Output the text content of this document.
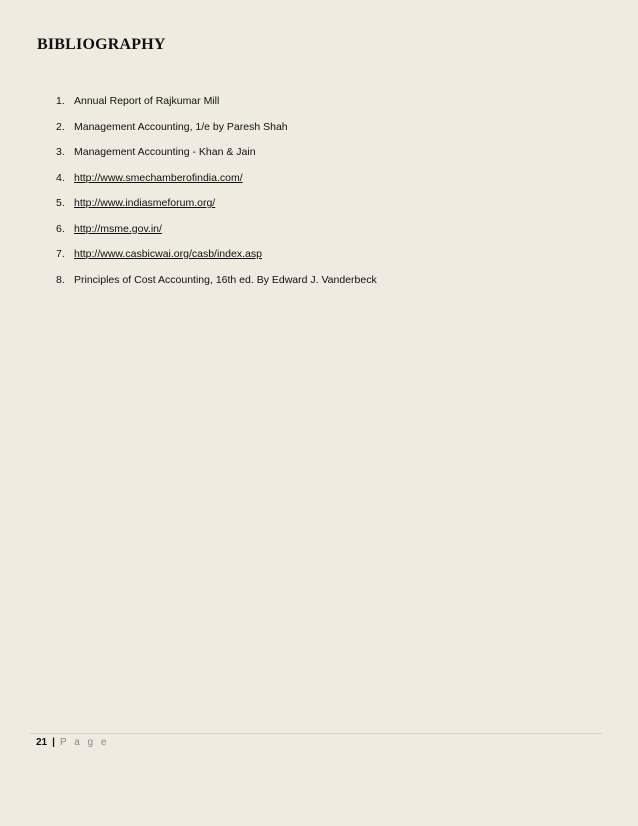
BIBLIOGRAPHY
1. Annual Report of Rajkumar Mill
2. Management Accounting, 1/e by Paresh Shah
3. Management Accounting - Khan & Jain
4. http://www.smechamberofindia.com/
5. http://www.indiasmeforum.org/
6. http://msme.gov.in/
7. http://www.casbicwai.org/casb/index.asp
8. Principles of Cost Accounting, 16th ed. By Edward J. Vanderbeck
21 | P a g e
